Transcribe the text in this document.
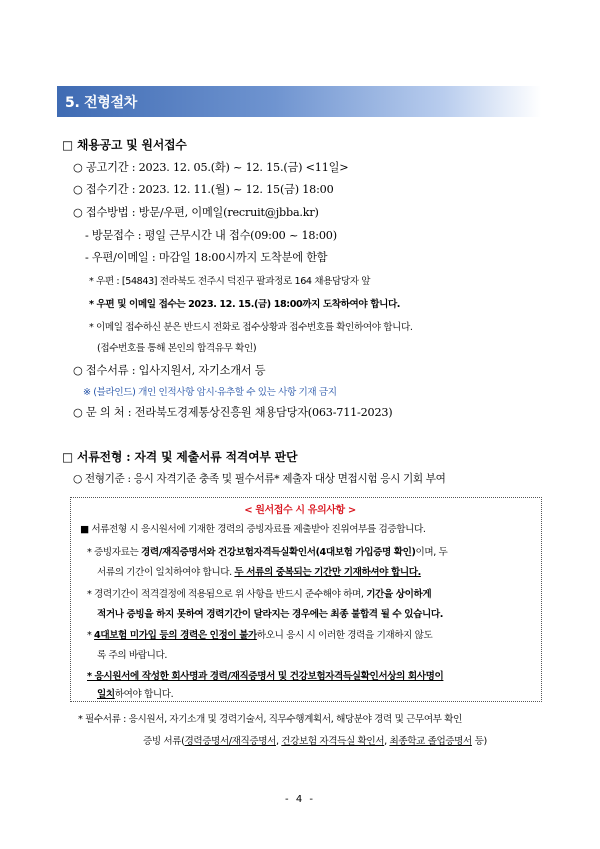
5. 전형절차
□ 채용공고 및 원서접수
○ 공고기간 : 2023. 12. 05.(화) ~ 12. 15.(금) <11일>
○ 접수기간 : 2023. 12. 11.(월) ~ 12. 15(금) 18:00
○ 접수방법 : 방문/우편, 이메일(recruit@jbba.kr)
- 방문접수 : 평일 근무시간 내 접수(09:00 ~ 18:00)
- 우편/이메일 : 마감일 18:00시까지 도착분에 한함
* 우편 : [54843] 전라북도 전주시 덕진구 팔과정로 164 채용담당자 앞
* 우편 및 이메일 접수는 2023. 12. 15.(금) 18:00까지 도착하여야 합니다.
* 이메일 접수하신 분은 반드시 전화로 접수상황과 접수번호를 확인하여야 합니다.
(접수번호를 통해 본인의 합격유무 확인)
○ 접수서류 : 입사지원서, 자기소개서 등
※ (블라인드) 개인 인적사항 암시·유추할 수 있는 사항 기재 금지
○ 문 의 처 : 전라북도경제통상진흥원 채용담당자(063-711-2023)
□ 서류전형 : 자격 및 제출서류 적격여부 판단
○ 전형기준 : 응시 자격기준 충족 및 필수서류* 제출자 대상 면접시험 응시 기회 부여
< 원서접수 시 유의사항 >
■ 서류전형 시 응시원서에 기재한 경력의 증빙자료를 제출받아 진위여부를 검증합니다.
* 증빙자료는 경력/재직증명서와 건강보험자격득실확인서(4대보험 가입증명 확인)이며, 두
서류의 기간이 일치하여야 합니다. 두 서류의 중복되는 기간만 기재하셔야 합니다.
* 경력기간이 적격결정에 적용됨으로 위 사항을 반드시 준수해야 하며, 기간을 상이하게
적거나 증빙을 하지 못하여 경력기간이 달라지는 경우에는 최종 불합격 될 수 있습니다.
* 4대보험 미가입 등의 경력은 인정이 불가하오니 응시 시 이러한 경력을 기재하지 않도
록 주의 바랍니다.
* 응시원서에 작성한 회사명과 경력/재직증명서 및 건강보험자격득실확인서상의 회사명이
일치하여야 합니다.
* 필수서류 : 응시원서, 자기소개 및 경력기술서, 직무수행계획서, 해당분야 경력 및 근무여부 확인
증빙 서류(경력증명서/재직증명서, 건강보험 자격득실 확인서, 최종학교 졸업증명서 등)
- 4 -
